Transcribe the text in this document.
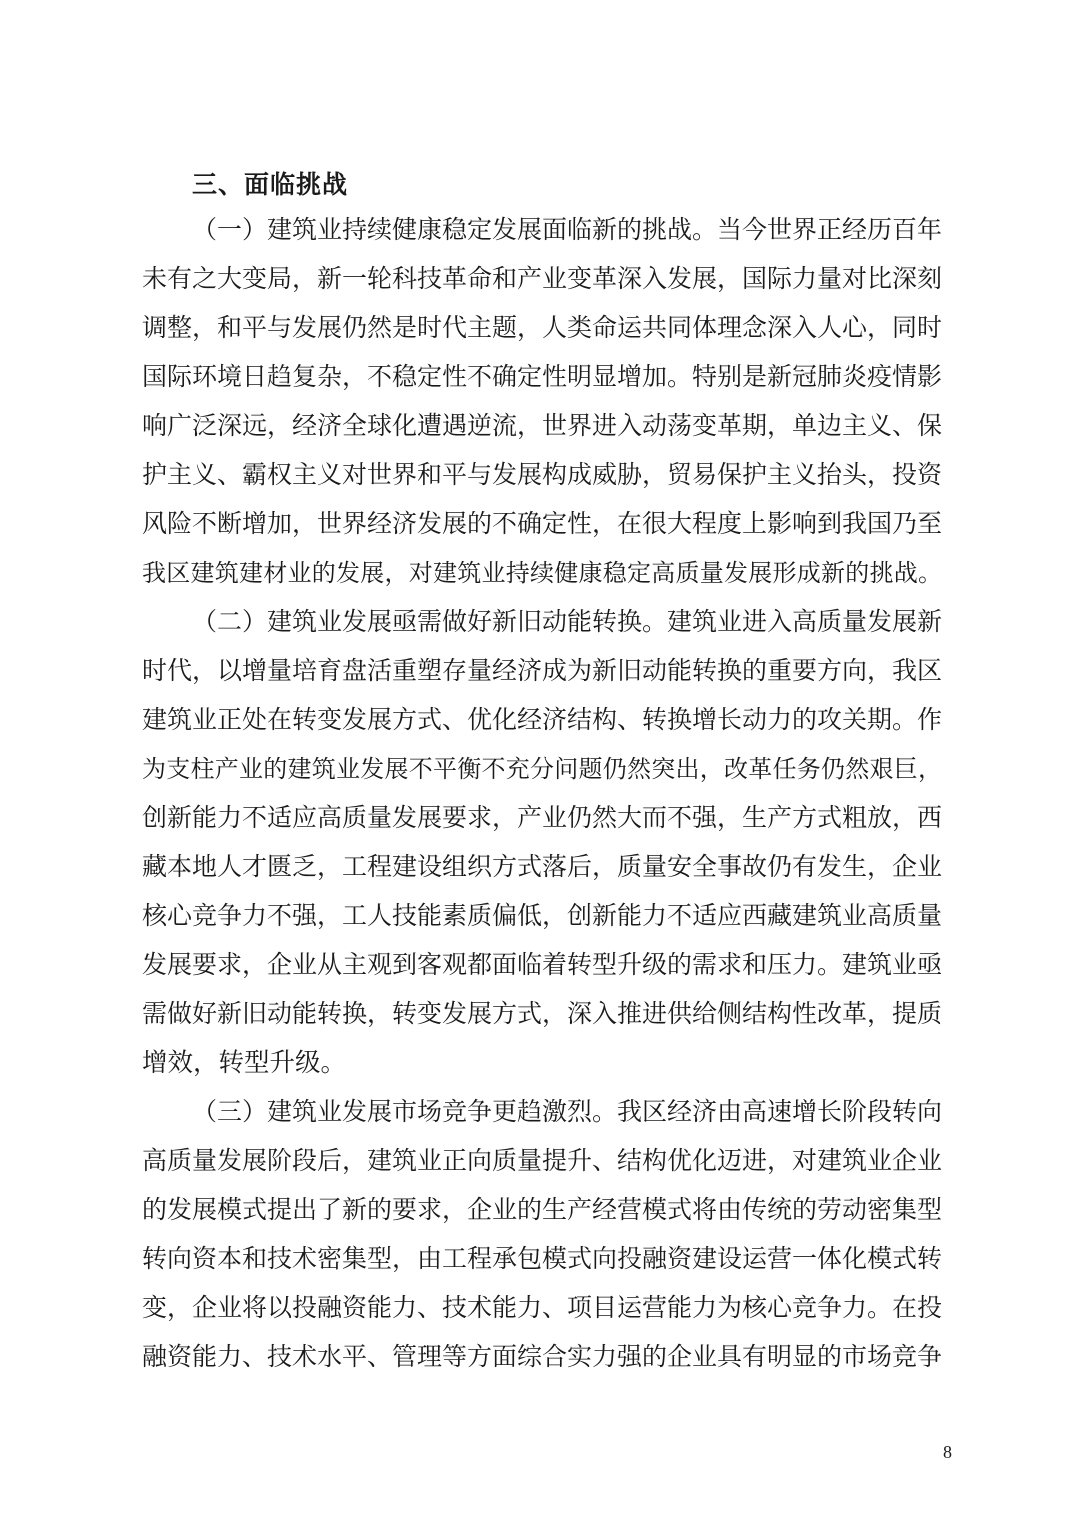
三、面临挑战
（一）建筑业持续健康稳定发展面临新的挑战。当今世界正经历百年
未有之大变局，新一轮科技革命和产业变革深入发展，国际力量对比深刻
调整，和平与发展仍然是时代主题，人类命运共同体理念深入人心，同时
国际环境日趋复杂，不稳定性不确定性明显增加。特别是新冠肺炎疫情影
响广泛深远，经济全球化遭遇逆流，世界进入动荡变革期，单边主义、保
护主义、霸权主义对世界和平与发展构成威胁，贸易保护主义抬头，投资
风险不断增加，世界经济发展的不确定性，在很大程度上影响到我国乃至
我区建筑建材业的发展，对建筑业持续健康稳定高质量发展形成新的挑战。
（二）建筑业发展亟需做好新旧动能转换。建筑业进入高质量发展新
时代，以增量培育盘活重塑存量经济成为新旧动能转换的重要方向，我区
建筑业正处在转变发展方式、优化经济结构、转换增长动力的攻关期。作
为支柱产业的建筑业发展不平衡不充分问题仍然突出，改革任务仍然艰巨，
创新能力不适应高质量发展要求，产业仍然大而不强，生产方式粗放，西
藏本地人才匮乏，工程建设组织方式落后，质量安全事故仍有发生，企业
核心竞争力不强，工人技能素质偏低，创新能力不适应西藏建筑业高质量
发展要求，企业从主观到客观都面临着转型升级的需求和压力。建筑业亟
需做好新旧动能转换，转变发展方式，深入推进供给侧结构性改革，提质
增效，转型升级。
（三）建筑业发展市场竞争更趋激烈。我区经济由高速增长阶段转向
高质量发展阶段后，建筑业正向质量提升、结构优化迈进，对建筑业企业
的发展模式提出了新的要求，企业的生产经营模式将由传统的劳动密集型
转向资本和技术密集型，由工程承包模式向投融资建设运营一体化模式转
变，企业将以投融资能力、技术能力、项目运营能力为核心竞争力。在投
融资能力、技术水平、管理等方面综合实力强的企业具有明显的市场竞争
8
